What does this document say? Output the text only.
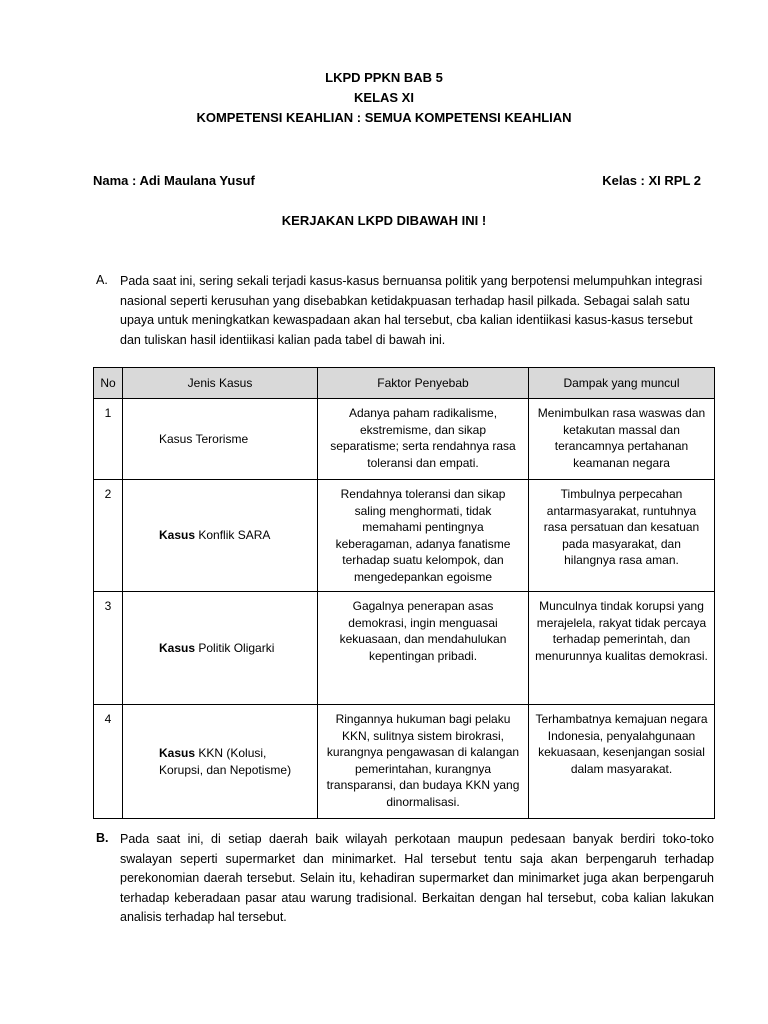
LKPD PPKN BAB 5
KELAS XI
KOMPETENSI KEAHLIAN : SEMUA KOMPETENSI KEAHLIAN
Nama : Adi Maulana Yusuf	Kelas : XI RPL 2
KERJAKAN LKPD DIBAWAH INI !
A. Pada saat ini, sering sekali terjadi kasus-kasus bernuansa politik yang berpotensi melumpuhkan integrasi nasional seperti kerusuhan yang disebabkan ketidakpuasan terhadap hasil pilkada. Sebagai salah satu upaya untuk meningkatkan kewaspadaan akan hal tersebut, cba kalian identiikasi kasus-kasus tersebut dan tuliskan hasil identiikasi kalian pada tabel di bawah ini.
No	Jenis Kasus	Faktor Penyebab	Dampak yang muncul
1	Kasus Terorisme	Adanya paham radikalisme, ekstremisme, dan sikap separatisme; serta rendahnya rasa toleransi dan empati.	Menimbulkan rasa waswas dan ketakutan massal dan terancamnya pertahanan keamanan negara
2	Kasus Konflik SARA	Rendahnya toleransi dan sikap saling menghormati, tidak memahami pentingnya keberagaman, adanya fanatisme terhadap suatu kelompok, dan mengedepankan egoisme	Timbulnya perpecahan antarmasyarakat, runtuhnya rasa persatuan dan kesatuan pada masyarakat, dan hilangnya rasa aman.
3	Kasus Politik Oligarki	Gagalnya penerapan asas demokrasi, ingin menguasai kekuasaan, dan mendahulukan kepentingan pribadi.	Munculnya tindak korupsi yang merajelela, rakyat tidak percaya terhadap pemerintah, dan menurunnya kualitas demokrasi.
4	Kasus KKN (Kolusi, Korupsi, dan Nepotisme)	Ringannya hukuman bagi pelaku KKN, sulitnya sistem birokrasi, kurangnya pengawasan di kalangan pemerintahan, kurangnya transparansi, dan budaya KKN yang dinormalisasi.	Terhambatnya kemajuan negara Indonesia, penyalahgunaan kekuasaan, kesenjangan sosial dalam masyarakat.
B. Pada saat ini, di setiap daerah baik wilayah perkotaan maupun pedesaan banyak berdiri toko-toko swalayan seperti supermarket dan minimarket. Hal tersebut tentu saja akan berpengaruh terhadap perekonomian daerah tersebut. Selain itu, kehadiran supermarket dan minimarket juga akan berpengaruh terhadap keberadaan pasar atau warung tradisional. Berkaitan dengan hal tersebut, coba kalian lakukan analisis terhadap hal tersebut.
